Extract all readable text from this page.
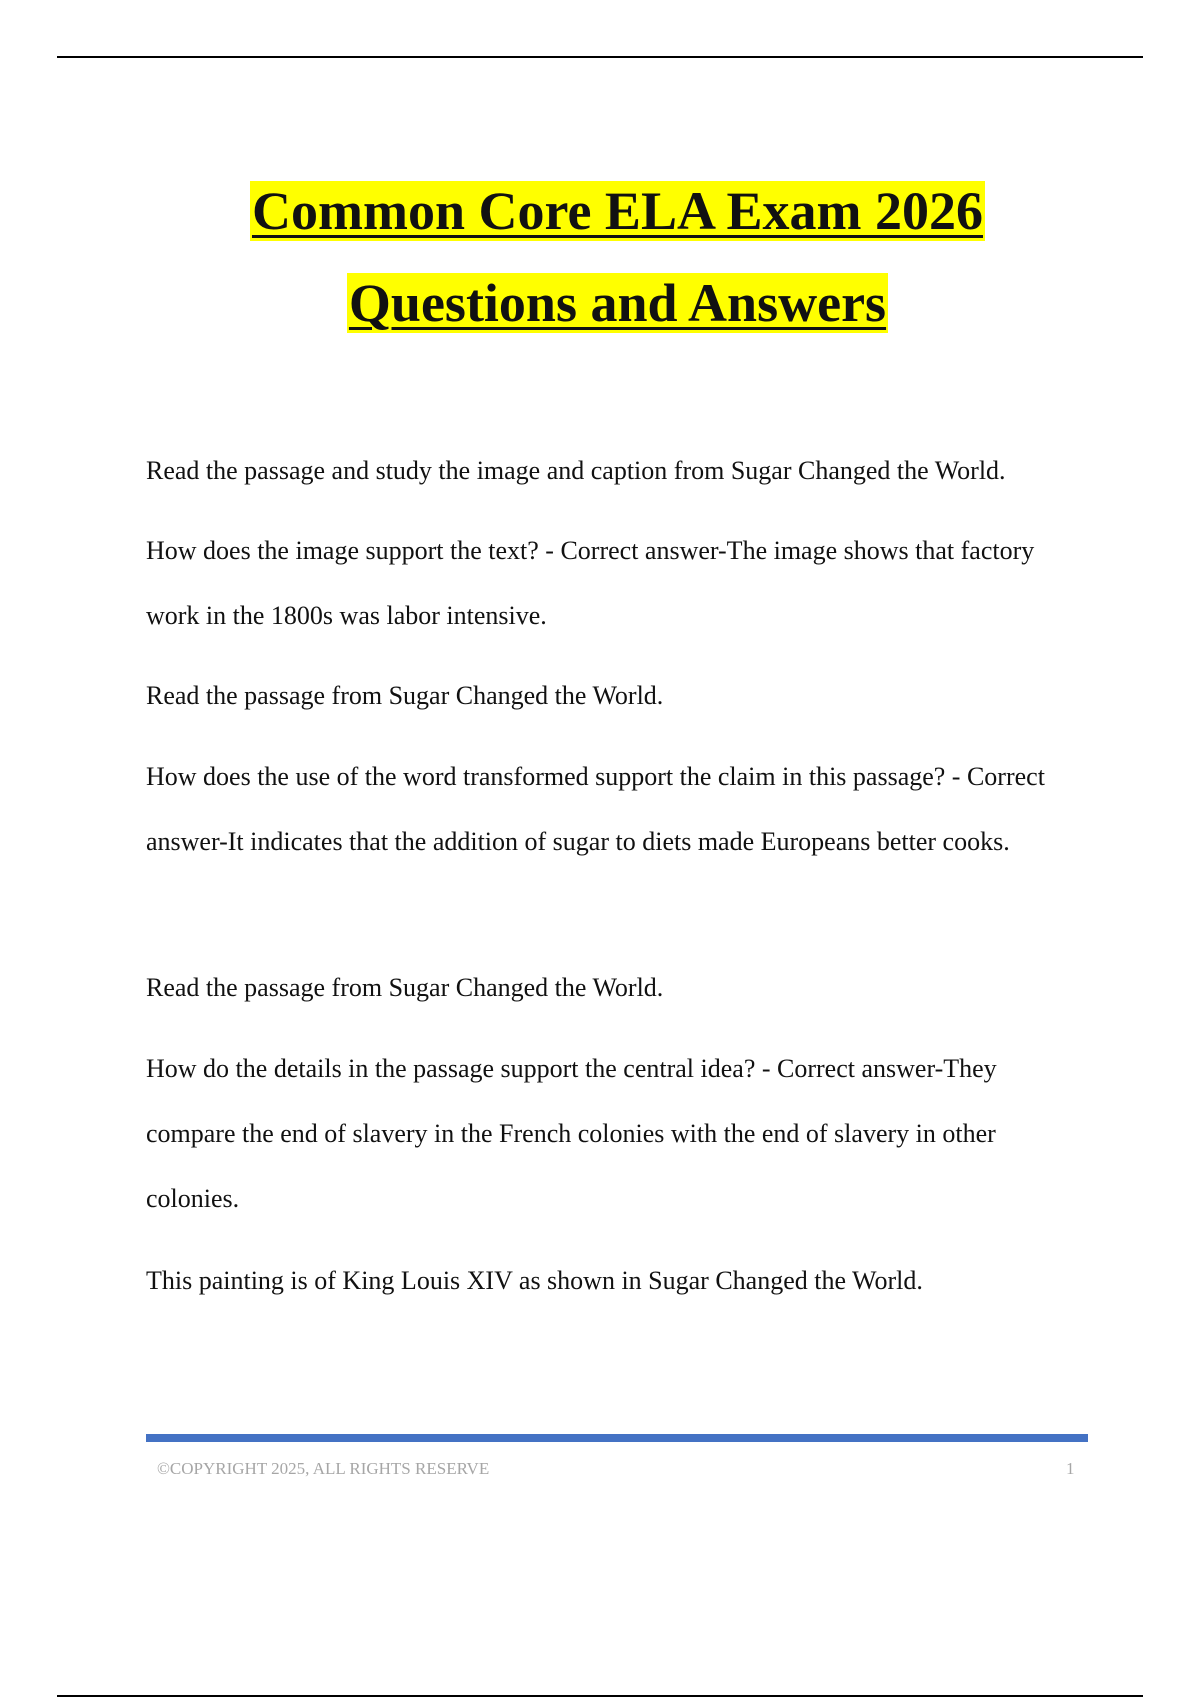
Common Core ELA Exam 2026
Questions and Answers

Read the passage and study the image and caption from Sugar Changed the World.

How does the image support the text? - Correct answer-The image shows that factory work in the 1800s was labor intensive.

Read the passage from Sugar Changed the World.

How does the use of the word transformed support the claim in this passage? - Correct answer-It indicates that the addition of sugar to diets made Europeans better cooks.

Read the passage from Sugar Changed the World.

How do the details in the passage support the central idea? - Correct answer-They compare the end of slavery in the French colonies with the end of slavery in other colonies.

This painting is of King Louis XIV as shown in Sugar Changed the World.

©COPYRIGHT 2025, ALL RIGHTS RESERVE	1
